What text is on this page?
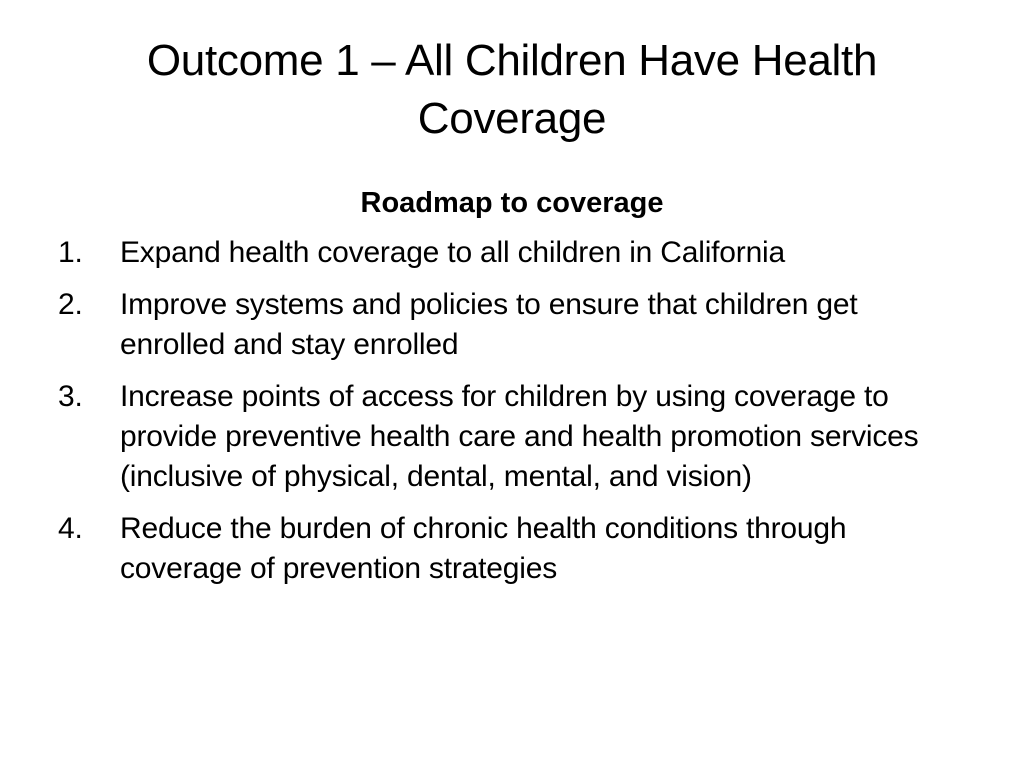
Outcome 1 – All Children Have Health Coverage
Roadmap to coverage
1.	Expand health coverage to all children in California
2.	Improve systems and policies to ensure that children get enrolled and stay enrolled
3.	Increase points of access for children by using coverage to provide preventive health care and health promotion services (inclusive of physical, dental, mental, and vision)
4.	Reduce the burden of chronic health conditions through coverage of prevention strategies
